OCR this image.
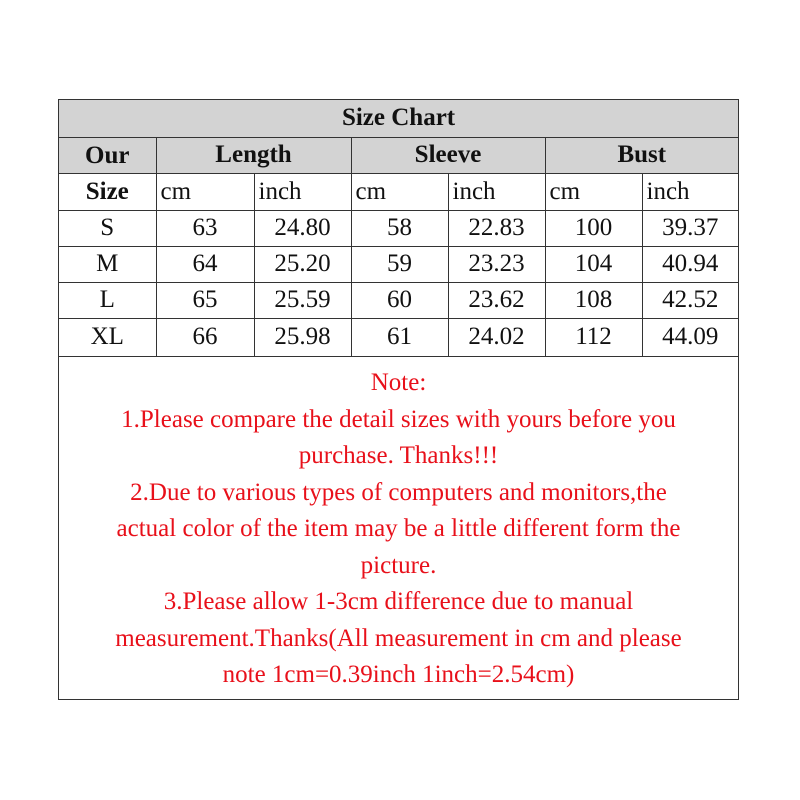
Size Chart						

Our
Size	Length		Sleeve		Bust	
	cm	inch	cm	inch	cm	inch
S	63	24.80	58	22.83	100	39.37
M	64	25.20	59	23.23	104	40.94
L	65	25.59	60	23.62	108	42.52
XL	66	25.98	61	24.02	112	44.09
Note:
1.Please compare the detail sizes with yours before you
purchase. Thanks!!!
2.Due to various types of computers and monitors,the
actual color of the item may be a little different form the
picture.
3.Please allow 1-3cm difference due to manual
measurement.Thanks(All measurement in cm and please
note 1cm=0.39inch 1inch=2.54cm)
